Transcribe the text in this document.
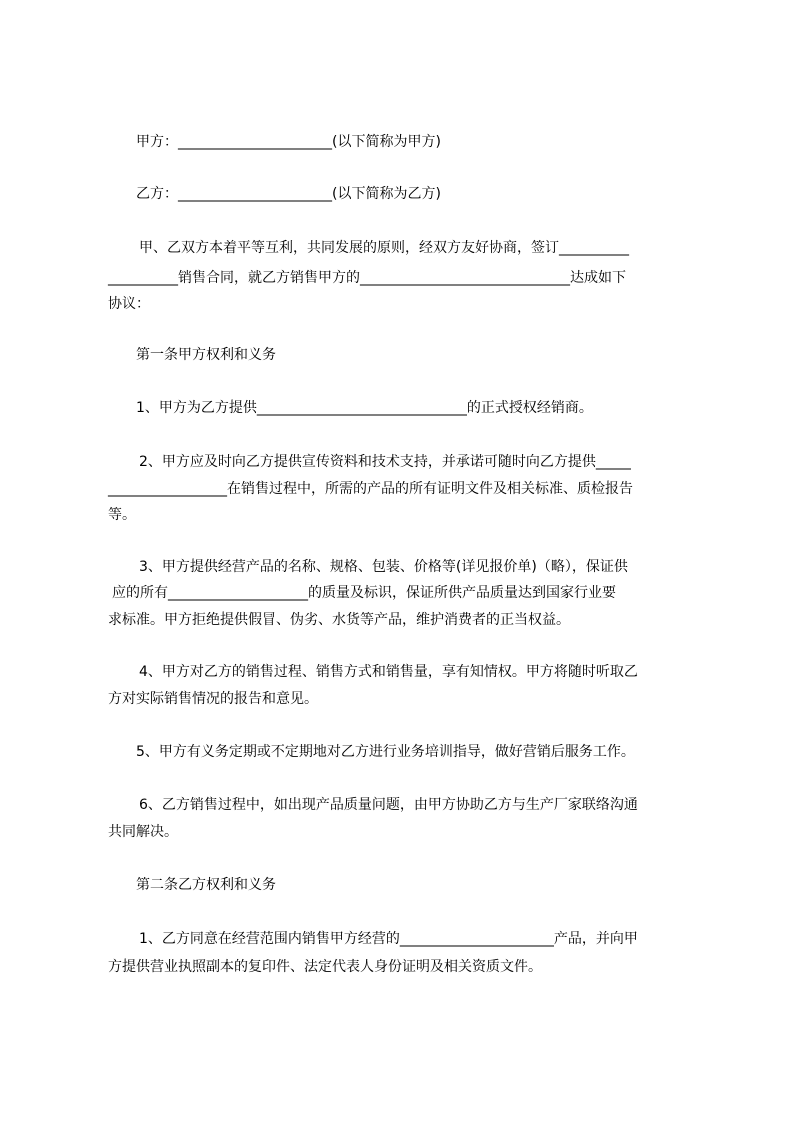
甲方：______________________(以下简称为甲方)
乙方：______________________(以下简称为乙方)
甲、乙双方本着平等互利，共同发展的原则，经双方友好协商，签订__________
__________销售合同，就乙方销售甲方的______________________________达成如下
协议：
第一条甲方权利和义务
1、甲方为乙方提供______________________________的正式授权经销商。
2、甲方应及时向乙方提供宣传资料和技术支持，并承诺可随时向乙方提供_____
_________________在销售过程中，所需的产品的所有证明文件及相关标准、质检报告
等。
3、甲方提供经营产品的名称、规格、包装、价格等(详见报价单)（略），保证供
应的所有____________________的质量及标识，保证所供产品质量达到国家行业要
求标准。甲方拒绝提供假冒、伪劣、水货等产品，维护消费者的正当权益。
4、甲方对乙方的销售过程、销售方式和销售量，享有知情权。甲方将随时听取乙
方对实际销售情况的报告和意见。
5、甲方有义务定期或不定期地对乙方进行业务培训指导，做好营销后服务工作。
6、乙方销售过程中，如出现产品质量问题，由甲方协助乙方与生产厂家联络沟通
共同解决。
第二条乙方权利和义务
1、乙方同意在经营范围内销售甲方经营的______________________产品，并向甲
方提供营业执照副本的复印件、法定代表人身份证明及相关资质文件。
